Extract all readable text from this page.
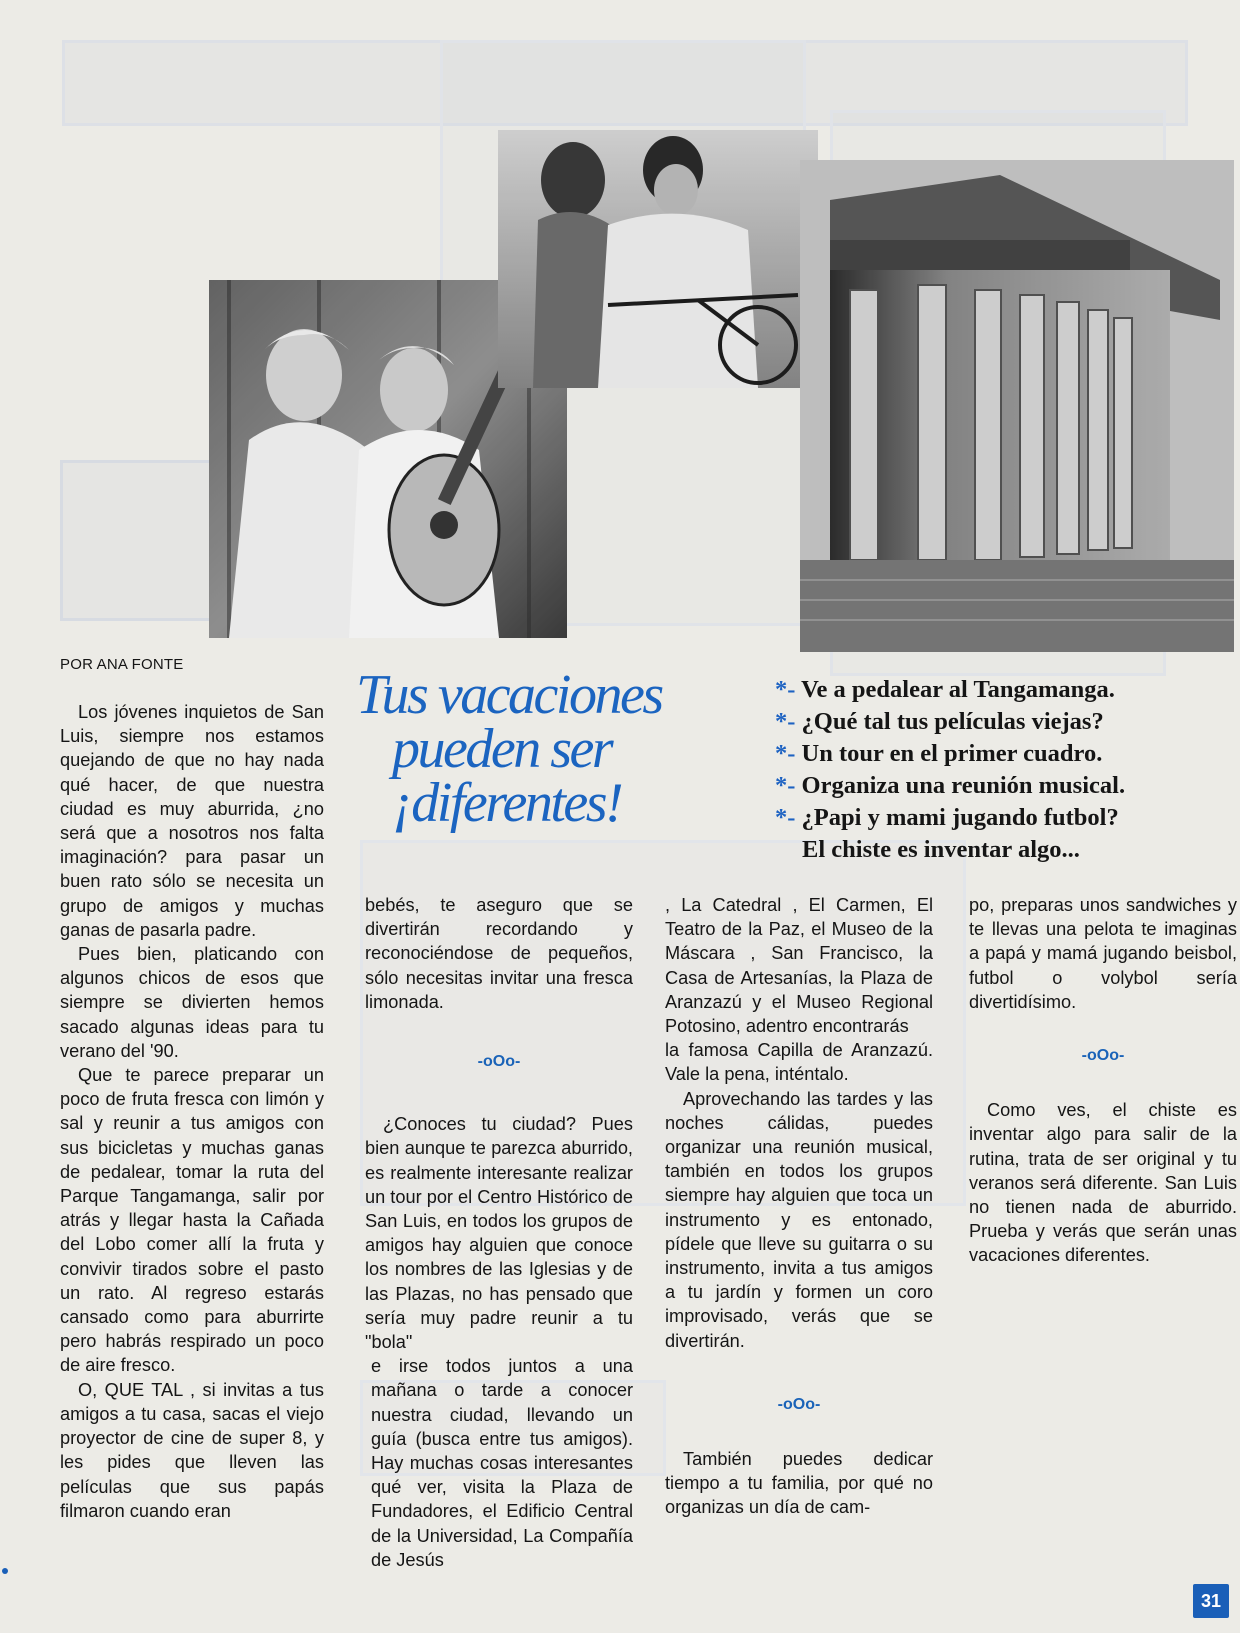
POR ANA FONTE	Tus vacaciones
pueden ser
¡diferentes!
*- Ve a pedalear al Tangamanga.
*- ¿Qué tal tus películas viejas?
*- Un tour en el primer cuadro.
*- Organiza una reunión musical.
*- ¿Papi y mami jugando futbol?
El chiste es inventar algo...

Los jóvenes inquietos de San Luis, siempre nos estamos quejando de que no hay nada qué hacer, de que nuestra ciudad es muy aburrida, ¿no será que a nosotros nos falta imaginación? para pasar un buen rato sólo se necesita un grupo de amigos y muchas ganas de pasarla padre.

Pues bien, platicando con algunos chicos de esos que siempre se divierten hemos sacado algunas ideas para tu verano del '90.

Que te parece preparar un poco de fruta fresca con limón y sal y reunir a tus amigos con sus bicicletas y muchas ganas de pedalear, tomar la ruta del Parque Tangamanga, salir por atrás y llegar hasta la Cañada del Lobo comer allí la fruta y convivir tirados sobre el pasto un rato. Al regreso estarás cansado como para aburrirte pero habrás respirado un poco de aire fresco.

O, QUE TAL , si invitas a tus amigos a tu casa, sacas el viejo proyector de cine de super 8, y les pides que lleven las películas que sus papás filmaron cuando eran

bebés, te aseguro que se divertirán recordando y reconociéndose de pequeños, sólo necesitas invitar una fresca limonada.

-oOo-

¿Conoces tu ciudad? Pues bien aunque te parezca aburrido, es realmente interesante realizar un tour por el Centro Histórico de San Luis, en todos los grupos de amigos hay alguien que conoce los nombres de las Iglesias y de las Plazas, no has pensado que sería muy padre reunir a tu "bola"

e irse todos juntos a una mañana o tarde a conocer nuestra ciudad, llevando un guía (busca entre tus amigos). Hay muchas cosas interesantes qué ver, visita la Plaza de Fundadores, el Edificio Central de la Universidad, La Compañía de Jesús

, La Catedral , El Carmen, El Teatro de la Paz, el Museo de la Máscara , San Francisco, la Casa de Artesanías, la Plaza de Aranzazú y el Museo Regional Potosino, adentro encontrarás

la famosa Capilla de Aranzazú. Vale la pena, inténtalo.

Aprovechando las tardes y las noches cálidas, puedes organizar una reunión musical, también en todos los grupos siempre hay alguien que toca un instrumento y es entonado, pídele que lleve su guitarra o su instrumento, invita a tus amigos a tu jardín y formen un coro improvisado, verás que se divertirán.

-oOo-

También puedes dedicar tiempo a tu familia, por qué no organizas un día de cam-

po, preparas unos sandwiches y te llevas una pelota te imaginas a papá y mamá jugando beisbol, futbol o volybol sería divertidísimo.

-oOo-

Como ves, el chiste es inventar algo para salir de la rutina, trata de ser original y tu veranos será diferente. San Luis no tienen nada de aburrido. Prueba y verás que serán unas vacaciones diferentes.

31
